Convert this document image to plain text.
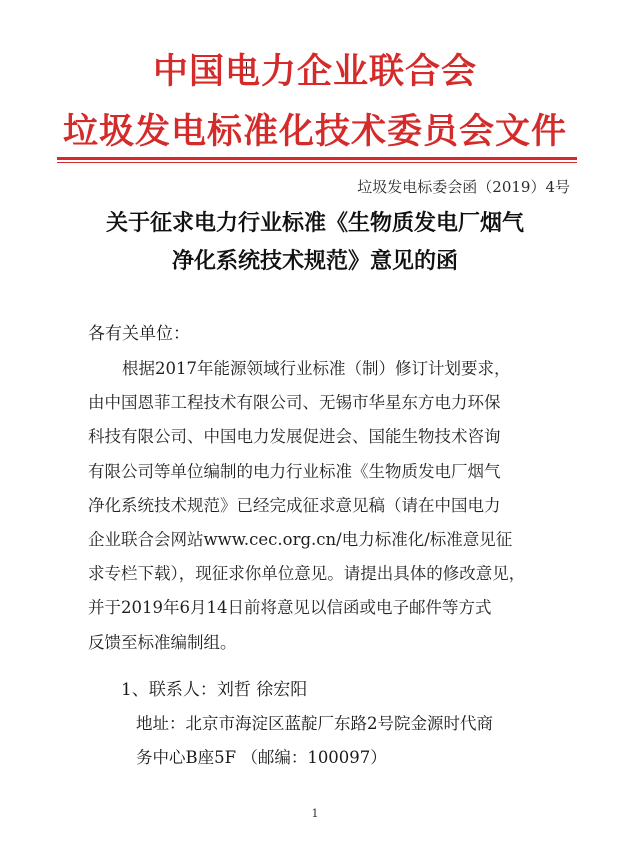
中国电力企业联合会
垃圾发电标准化技术委员会文件
垃圾发电标委会函（2019）4号
关于征求电力行业标准《生物质发电厂烟气
净化系统技术规范》意见的函
各有关单位：
根据2017年能源领域行业标准（制）修订计划要求，
由中国恩菲工程技术有限公司、无锡市华星东方电力环保
科技有限公司、中国电力发展促进会、国能生物技术咨询
有限公司等单位编制的电力行业标准《生物质发电厂烟气
净化系统技术规范》已经完成征求意见稿（请在中国电力
企业联合会网站www.cec.org.cn/电力标准化/标准意见征
求专栏下载），现征求你单位意见。请提出具体的修改意见，
并于2019年6月14日前将意见以信函或电子邮件等方式
反馈至标准编制组。
1、联系人：刘哲 徐宏阳
地址：北京市海淀区蓝靛厂东路2号院金源时代商
务中心B座5F （邮编：100097）
1
